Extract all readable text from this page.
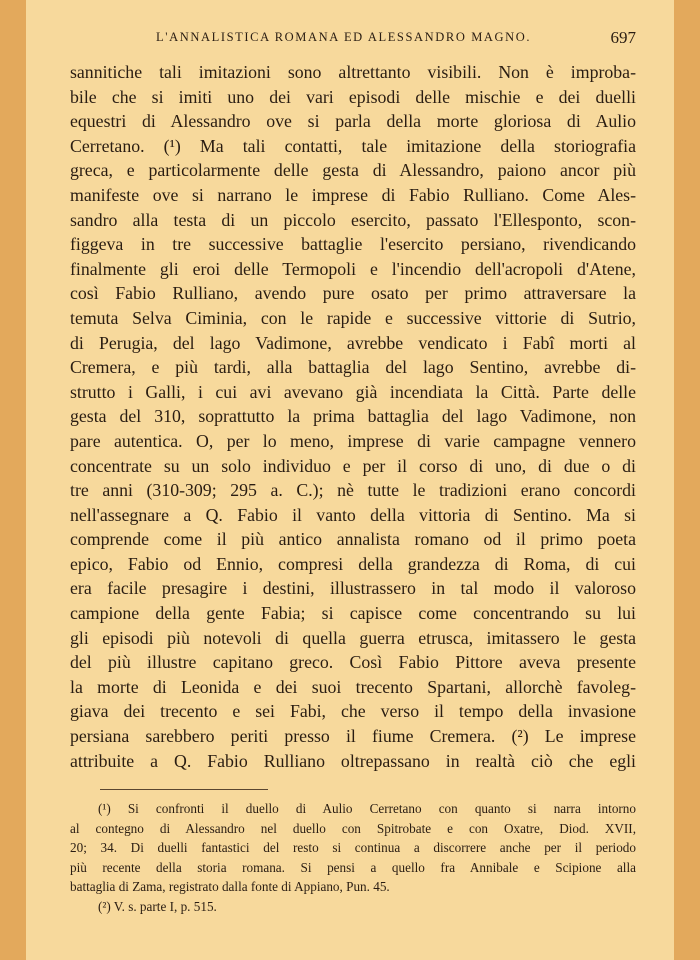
L'ANNALISTICA ROMANA ED ALESSANDRO MAGNO.	697
sannitiche tali imitazioni sono altrettanto visibili. Non è improba-
bile che si imiti uno dei vari episodi delle mischie e dei duelli
equestri di Alessandro ove si parla della morte gloriosa di Aulio
Cerretano. (¹) Ma tali contatti, tale imitazione della storiografia
greca, e particolarmente delle gesta di Alessandro, paiono ancor più
manifeste ove si narrano le imprese di Fabio Rulliano. Come Ales-
sandro alla testa di un piccolo esercito, passato l'Ellesponto, scon-
figgeva in tre successive battaglie l'esercito persiano, rivendicando
finalmente gli eroi delle Termopoli e l'incendio dell'acropoli d'Atene,
così Fabio Rulliano, avendo pure osato per primo attraversare la
temuta Selva Ciminia, con le rapide e successive vittorie di Sutrio,
di Perugia, del lago Vadimone, avrebbe vendicato i Fabî morti al
Cremera, e più tardi, alla battaglia del lago Sentino, avrebbe di-
strutto i Galli, i cui avi avevano già incendiata la Città. Parte delle
gesta del 310, soprattutto la prima battaglia del lago Vadimone, non
pare autentica. O, per lo meno, imprese di varie campagne vennero
concentrate su un solo individuo e per il corso di uno, di due o di
tre anni (310-309; 295 a. C.); nè tutte le tradizioni erano concordi
nell'assegnare a Q. Fabio il vanto della vittoria di Sentino. Ma si
comprende come il più antico annalista romano od il primo poeta
epico, Fabio od Ennio, compresi della grandezza di Roma, di cui
era facile presagire i destini, illustrassero in tal modo il valoroso
campione della gente Fabia; si capisce come concentrando su lui
gli episodi più notevoli di quella guerra etrusca, imitassero le gesta
del più illustre capitano greco. Così Fabio Pittore aveva presente
la morte di Leonida e dei suoi trecento Spartani, allorchè favoleg-
giava dei trecento e sei Fabi, che verso il tempo della invasione
persiana sarebbero periti presso il fiume Cremera. (²) Le imprese
attribuite a Q. Fabio Rulliano oltrepassano in realtà ciò che egli
(¹) Si confronti il duello di Aulio Cerretano con quanto si narra intorno
al contegno di Alessandro nel duello con Spitrobate e con Oxatre, Diod. XVII,
20; 34. Di duelli fantastici del resto si continua a discorrere anche per il periodo
più recente della storia romana. Si pensi a quello fra Annibale e Scipione alla
battaglia di Zama, registrato dalla fonte di Appiano, Pun. 45.
(²) V. s. parte I, p. 515.
